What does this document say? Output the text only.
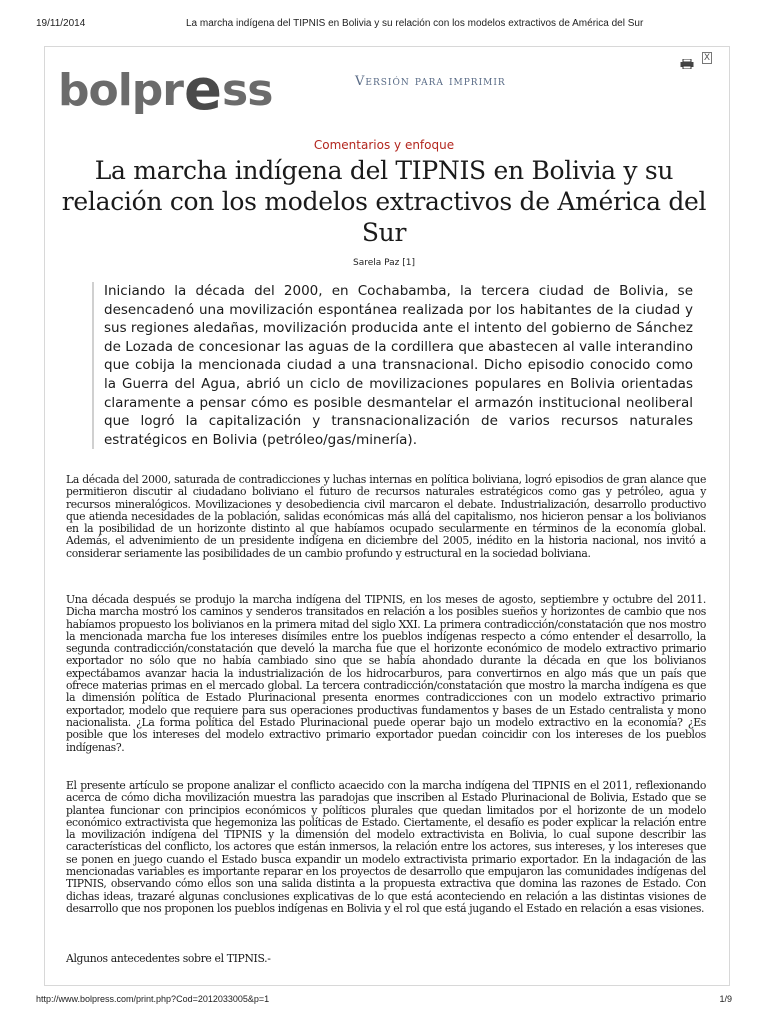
19/11/2014	La marcha indígena del TIPNIS en Bolivia y su relación con los modelos extractivos de América del Sur
bolpress	Versión para imprimir
X
Comentarios y enfoque
La marcha indígena del TIPNIS en Bolivia y su relación con los modelos extractivos de América del Sur
Sarela Paz [1]
Iniciando la década del 2000, en Cochabamba, la tercera ciudad de Bolivia, se desencadenó una movilización espontánea realizada por los habitantes de la ciudad y sus regiones aledañas, movilización producida ante el intento del gobierno de Sánchez de Lozada de concesionar las aguas de la cordillera que abastecen al valle interandino que cobija la mencionada ciudad a una transnacional. Dicho episodio conocido como la Guerra del Agua, abrió un ciclo de movilizaciones populares en Bolivia orientadas claramente a pensar cómo es posible desmantelar el armazón institucional neoliberal que logró la capitalización y transnacionalización de varios recursos naturales estratégicos en Bolivia (petróleo/gas/minería).
La década del 2000, saturada de contradicciones y luchas internas en política boliviana, logró episodios de gran alance que permitieron discutir al ciudadano boliviano el futuro de recursos naturales estratégicos como gas y petróleo, agua y recursos mineralógicos. Movilizaciones y desobediencia civil marcaron el debate. Industrialización, desarrollo productivo que atienda necesidades de la población, salidas económicas más allá del capitalismo, nos hicieron pensar a los bolivianos en la posibilidad de un horizonte distinto al que habíamos ocupado secularmente en términos de la economía global. Además, el advenimiento de un presidente indígena en diciembre del 2005, inédito en la historia nacional, nos invitó a considerar seriamente las posibilidades de un cambio profundo y estructural en la sociedad boliviana.
Una década después se produjo la marcha indígena del TIPNIS, en los meses de agosto, septiembre y octubre del 2011. Dicha marcha mostró los caminos y senderos transitados en relación a los posibles sueños y horizontes de cambio que nos habíamos propuesto los bolivianos en la primera mitad del siglo XXI. La primera contradicción/constatación que nos mostro la mencionada marcha fue los intereses disímiles entre los pueblos indígenas respecto a cómo entender el desarrollo, la segunda contradicción/constatación que develó la marcha fue que el horizonte económico de modelo extractivo primario exportador no sólo que no había cambiado sino que se había ahondado durante la década en que los bolivianos expectábamos avanzar hacia la industrialización de los hidrocarburos, para convertirnos en algo más que un país que ofrece materias primas en el mercado global. La tercera contradicción/constatación que mostro la marcha indígena es que la dimensión política de Estado Plurinacional presenta enormes contradicciones con un modelo extractivo primario exportador, modelo que requiere para sus operaciones productivas fundamentos y bases de un Estado centralista y mono nacionalista. ¿La forma política del Estado Plurinacional puede operar bajo un modelo extractivo en la economía? ¿Es posible que los intereses del modelo extractivo primario exportador puedan coincidir con los intereses de los pueblos indígenas?.
El presente artículo se propone analizar el conflicto acaecido con la marcha indígena del TIPNIS en el 2011, reflexionando acerca de cómo dicha movilización muestra las paradojas que inscriben al Estado Plurinacional de Bolivia, Estado que se plantea funcionar con principios económicos y políticos plurales que quedan limitados por el horizonte de un modelo económico extractivista que hegemoniza las políticas de Estado. Ciertamente, el desafío es poder explicar la relación entre la movilización indígena del TIPNIS y la dimensión del modelo extractivista en Bolivia, lo cual supone describir las características del conflicto, los actores que están inmersos, la relación entre los actores, sus intereses, y los intereses que se ponen en juego cuando el Estado busca expandir un modelo extractivista primario exportador. En la indagación de las mencionadas variables es importante reparar en los proyectos de desarrollo que empujaron las comunidades indígenas del TIPNIS, observando cómo ellos son una salida distinta a la propuesta extractiva que domina las razones de Estado. Con dichas ideas, trazaré algunas conclusiones explicativas de lo que está aconteciendo en relación a las distintas visiones de desarrollo que nos proponen los pueblos indígenas en Bolivia y el rol que está jugando el Estado en relación a esas visiones.
Algunos antecedentes sobre el TIPNIS.-
http://www.bolpress.com/print.php?Cod=2012033005&p=1	1/9
